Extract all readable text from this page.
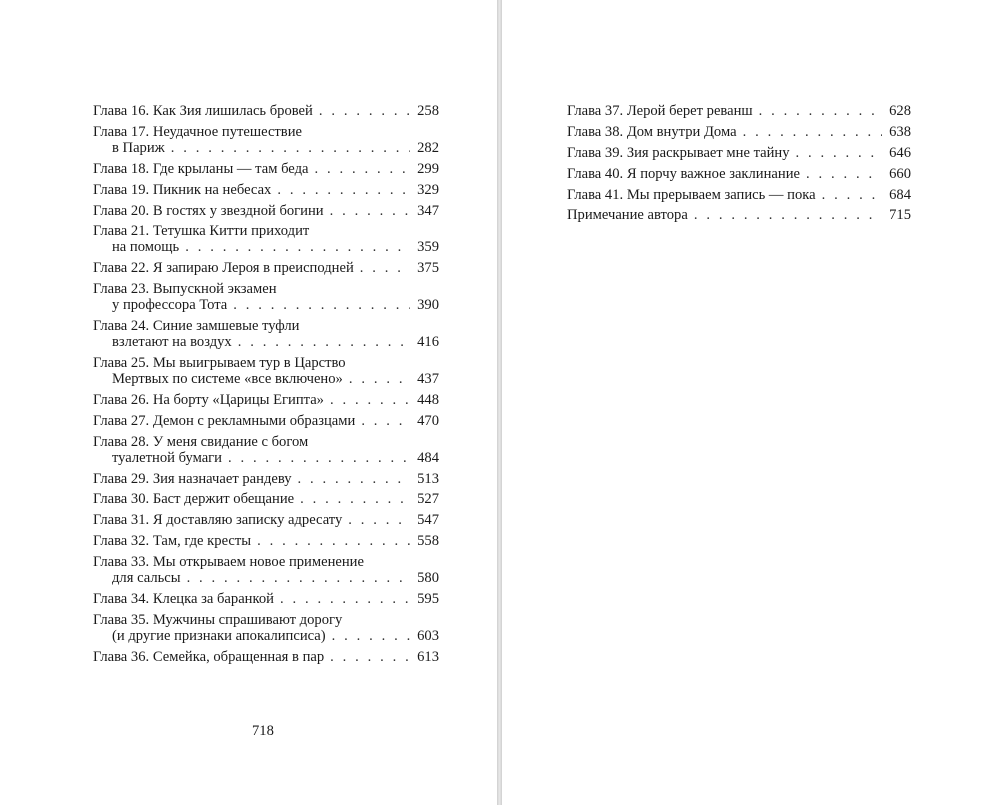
Глава 16. Как Зия лишилась бровей . . .	258
Глава 17. Неудачное путешествие
в Париж . . .	282
Глава 18. Где крыланы — там беда . . .	299
Глава 19. Пикник на небесах . . .	329
Глава 20. В гостях у звездной богини . . .	347
Глава 21. Тетушка Китти приходит
на помощь . . .	359
Глава 22. Я запираю Лероя в преисподней . . .	375
Глава 23. Выпускной экзамен
у профессора Тота . . .	390
Глава 24. Синие замшевые туфли
взлетают на воздух . . .	416
Глава 25. Мы выигрываем тур в Царство
Мертвых по системе «все включено» . . .	437
Глава 26. На борту «Царицы Египта» . . .	448
Глава 27. Демон с рекламными образцами . . .	470
Глава 28. У меня свидание с богом
туалетной бумаги . . .	484
Глава 29. Зия назначает рандеву . . .	513
Глава 30. Баст держит обещание . . .	527
Глава 31. Я доставляю записку адресату . . .	547
Глава 32. Там, где кресты . . .	558
Глава 33. Мы открываем новое применение
для сальсы . . .	580
Глава 34. Клецка за баранкой . . .	595
Глава 35. Мужчины спрашивают дорогу
(и другие признаки апокалипсиса) . . .	603
Глава 36. Семейка, обращенная в пар . . .	613
718
Глава 37. Лерой берет реванш . . .	628
Глава 38. Дом внутри Дома . . .	638
Глава 39. Зия раскрывает мне тайну . . .	646
Глава 40. Я порчу важное заклинание . . .	660
Глава 41. Мы прерываем запись — пока . . .	684
Примечание автора . . .	715
